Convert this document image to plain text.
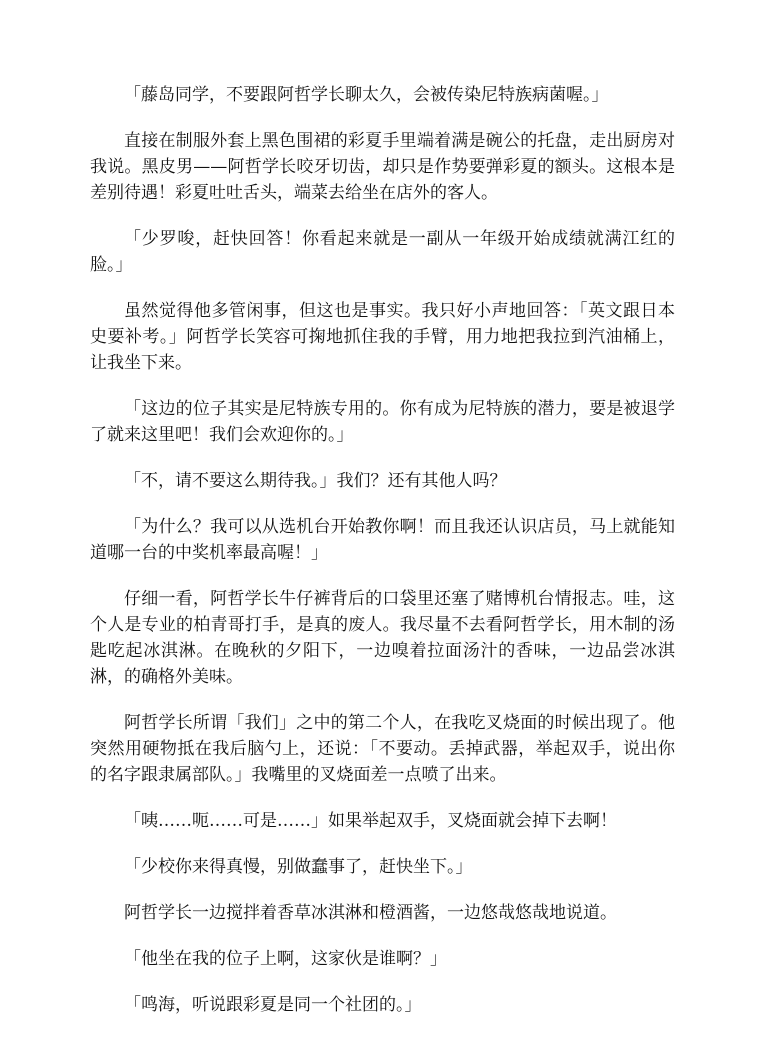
「藤岛同学，不要跟阿哲学长聊太久，会被传染尼特族病菌喔。」

直接在制服外套上黑色围裙的彩夏手里端着满是碗公的托盘，走出厨房对我说。黑皮男——阿哲学长咬牙切齿，却只是作势要弹彩夏的额头。这根本是差别待遇！彩夏吐吐舌头，端菜去给坐在店外的客人。

「少罗唆，赶快回答！你看起来就是一副从一年级开始成绩就满江红的脸。」

虽然觉得他多管闲事，但这也是事实。我只好小声地回答：「英文跟日本史要补考。」阿哲学长笑容可掬地抓住我的手臂，用力地把我拉到汽油桶上，让我坐下来。

「这边的位子其实是尼特族专用的。你有成为尼特族的潜力，要是被退学了就来这里吧！我们会欢迎你的。」

「不，请不要这么期待我。」我们？还有其他人吗？

「为什么？我可以从选机台开始教你啊！而且我还认识店员，马上就能知道哪一台的中奖机率最高喔！」

仔细一看，阿哲学长牛仔裤背后的口袋里还塞了赌博机台情报志。哇，这个人是专业的柏青哥打手，是真的废人。我尽量不去看阿哲学长，用木制的汤匙吃起冰淇淋。在晚秋的夕阳下，一边嗅着拉面汤汁的香味，一边品尝冰淇淋，的确格外美味。

阿哲学长所谓「我们」之中的第二个人，在我吃叉烧面的时候出现了。他突然用硬物抵在我后脑勺上，还说：「不要动。丢掉武器，举起双手，说出你的名字跟隶属部队。」我嘴里的叉烧面差一点喷了出来。

「咦……呃……可是……」如果举起双手，叉烧面就会掉下去啊！

「少校你来得真慢，别做蠢事了，赶快坐下。」

阿哲学长一边搅拌着香草冰淇淋和橙酒酱，一边悠哉悠哉地说道。

「他坐在我的位子上啊，这家伙是谁啊？」

「鸣海，听说跟彩夏是同一个社团的。」
